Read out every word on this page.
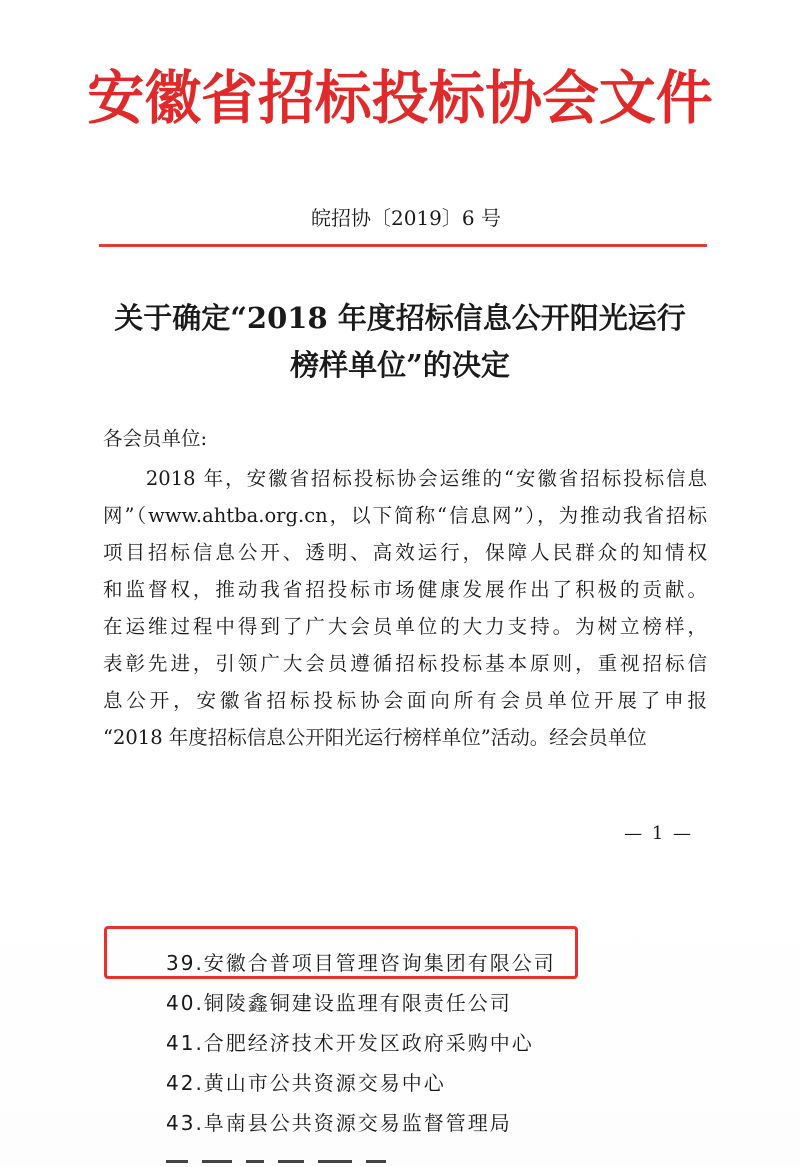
安徽省招标投标协会文件
皖招协〔2019〕6 号
关于确定“2018 年度招标信息公开阳光运行
榜样单位”的决定
各会员单位:
　　2018 年，安徽省招标投标协会运维的“安徽省招标投标信息
网”（www.ahtba.org.cn，以下简称“信息网”），为推动我省招标
项目招标信息公开、透明、高效运行，保障人民群众的知情权
和监督权，推动我省招投标市场健康发展作出了积极的贡献。
在运维过程中得到了广大会员单位的大力支持。为树立榜样，
表彰先进，引领广大会员遵循招标投标基本原则，重视招标信
息公开，安徽省招标投标协会面向所有会员单位开展了申报
“2018 年度招标信息公开阳光运行榜样单位”活动。经会员单位
— 1 —
39.安徽合普项目管理咨询集团有限公司
40.铜陵鑫铜建设监理有限责任公司
41.合肥经济技术开发区政府采购中心
42.黄山市公共资源交易中心
43.阜南县公共资源交易监督管理局
